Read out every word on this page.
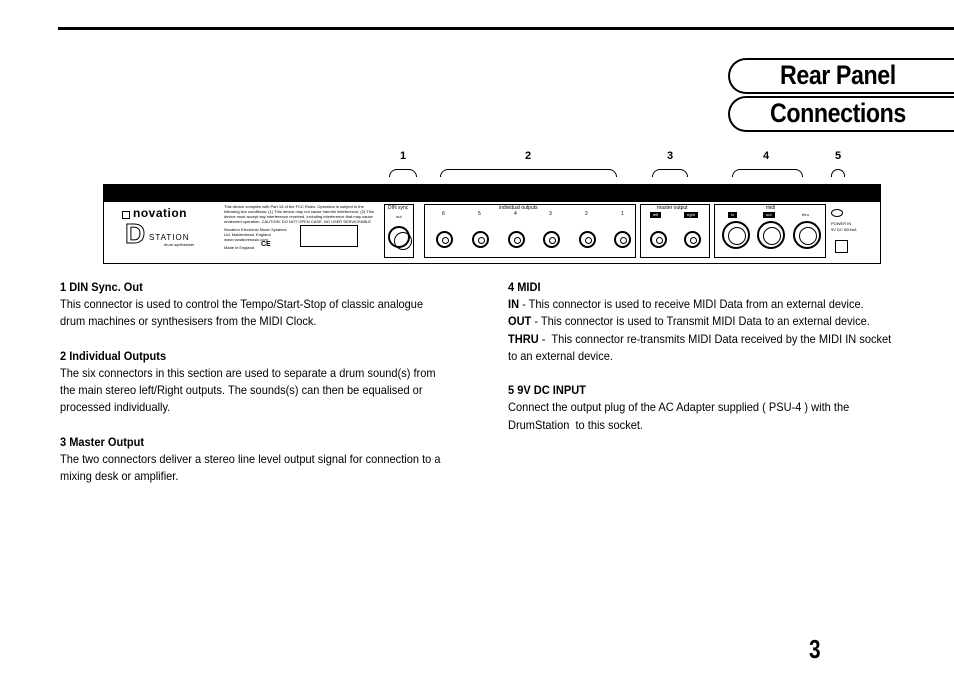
Rear Panel
Connections
1	2	3	4	5
novation
D STATION
drum synthesizer
This device complies with Part 15 of the FCC Rules. Operation is subject to the following two conditions: (1) This device may not cause harmful interference, (2) This device must accept any interference received, including interference that may cause undesired operation. CAUTION: DO NOT OPEN CASE. NO USER SERVICEABLE
Novation Electronic Music Systems Ltd. Maidenhead, England
www.novationmusic.com
Made in England CE
DIN sync
out
individual outputs
6	5	4	3	2	1
master output
left	right
midi
in	out	thru
POWER IN
9V DC 500mA

1 DIN Sync. Out

This connector is used to control the Tempo/Start-Stop of classic analogue

drum machines or synthesisers from the MIDI Clock.

2 Individual Outputs

The six connectors in this section are used to separate a drum sound(s) from

the main stereo left/Right outputs. The sounds(s) can then be equalised or

processed individually.

3 Master Output

The two connectors deliver a stereo line level output signal for connection to a

mixing desk or amplifier.

4 MIDI

IN - This connector is used to receive MIDI Data from an external device.

OUT - This connector is used to Transmit MIDI Data to an external device.

THRU -  This connector re-transmits MIDI Data received by the MIDI IN socket

to an external device.

5 9V DC INPUT

Connect the output plug of the AC Adapter supplied ( PSU-4 ) with the

DrumStation  to this socket.

3
